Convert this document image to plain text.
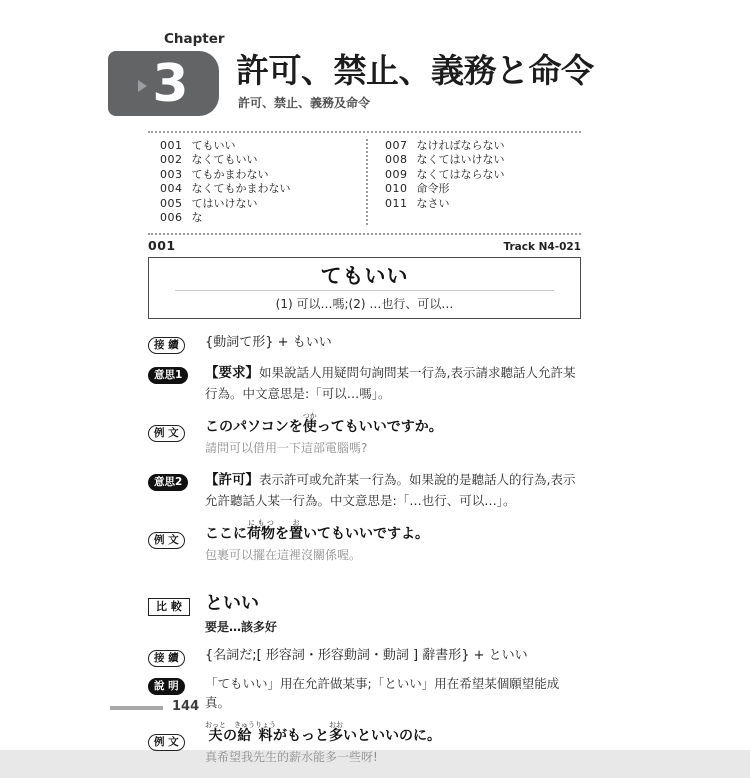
Chapter
3 許可、禁止、義務と命令
許可、禁止、義務及命令
001 てもいい
002 なくてもいい
003 てもかまわない
004 なくてもかまわない
005 てはいけない
006 な
007 なければならない
008 なくてはいけない
009 なくてはならない
010 命令形
011 なさい
001	Track N4-021
てもいい
(1) 可以…嗎;(2) …也行、可以…
接 續	{動詞て形} + もいい
意思1	【要求】如果說話人用疑問句詢問某一行為,表示請求聽話人允許某行為。中文意思是:「可以…嗎」。
例 文	このパソコンを使つかってもいいですか。
請問可以借用一下這部電腦嗎?
意思2	【許可】表示許可或允許某一行為。如果說的是聽話人的行為,表示允許聽話人某一行為。中文意思是:「…也行、可以…」。
例 文	ここに荷物にもつを置おいてもいいですよ。
包裹可以擺在這裡沒關係喔。
比 較	といい
要是…該多好
接 續	{名詞だ;[ 形容詞・形容動詞・動詞 ] 辭書形} + といい
說 明	「てもいい」用在允許做某事;「といい」用在希望某個願望能成真。
例 文	夫おっとの給料きゅうりょうがもっと多おおいといいのに。
真希望我先生的薪水能多一些呀!
144
